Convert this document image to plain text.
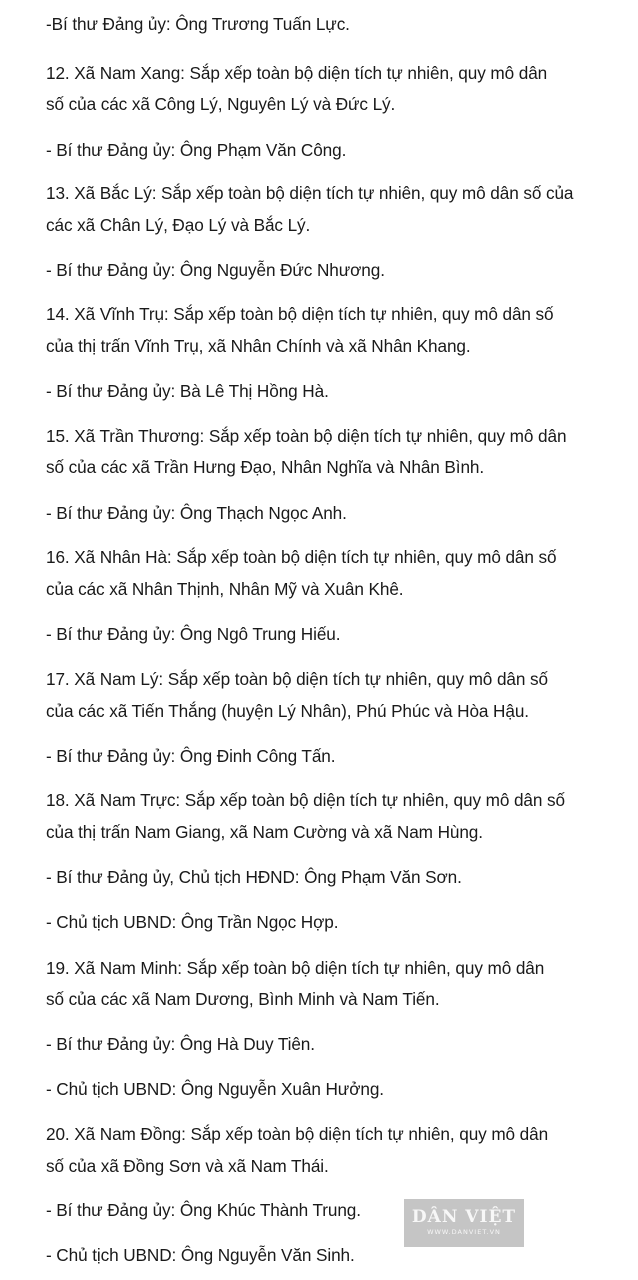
-Bí thư Đảng ủy: Ông Trương Tuấn Lực.
12. Xã Nam Xang: Sắp xếp toàn bộ diện tích tự nhiên, quy mô dân
số của các xã Công Lý, Nguyên Lý và Đức Lý.
- Bí thư Đảng ủy: Ông Phạm Văn Công.
13. Xã Bắc Lý: Sắp xếp toàn bộ diện tích tự nhiên, quy mô dân số của
các xã Chân Lý, Đạo Lý và Bắc Lý.
- Bí thư Đảng ủy: Ông Nguyễn Đức Nhương.
14. Xã Vĩnh Trụ: Sắp xếp toàn bộ diện tích tự nhiên, quy mô dân số
của thị trấn Vĩnh Trụ, xã Nhân Chính và xã Nhân Khang.
- Bí thư Đảng ủy: Bà Lê Thị Hồng Hà.
15. Xã Trần Thương: Sắp xếp toàn bộ diện tích tự nhiên, quy mô dân
số của các xã Trần Hưng Đạo, Nhân Nghĩa và Nhân Bình.
- Bí thư Đảng ủy: Ông Thạch Ngọc Anh.
16. Xã Nhân Hà: Sắp xếp toàn bộ diện tích tự nhiên, quy mô dân số
của các xã Nhân Thịnh, Nhân Mỹ và Xuân Khê.
- Bí thư Đảng ủy: Ông Ngô Trung Hiếu.
17. Xã Nam Lý: Sắp xếp toàn bộ diện tích tự nhiên, quy mô dân số
của các xã Tiến Thắng (huyện Lý Nhân), Phú Phúc và Hòa Hậu.
- Bí thư Đảng ủy: Ông Đinh Công Tấn.
18. Xã Nam Trực: Sắp xếp toàn bộ diện tích tự nhiên, quy mô dân số
của thị trấn Nam Giang, xã Nam Cường và xã Nam Hùng.
- Bí thư Đảng ủy, Chủ tịch HĐND: Ông Phạm Văn Sơn.
- Chủ tịch UBND: Ông Trần Ngọc Hợp.
19. Xã Nam Minh: Sắp xếp toàn bộ diện tích tự nhiên, quy mô dân
số của các xã Nam Dương, Bình Minh và Nam Tiến.
- Bí thư Đảng ủy: Ông Hà Duy Tiên.
- Chủ tịch UBND: Ông Nguyễn Xuân Hưởng.
20. Xã Nam Đồng: Sắp xếp toàn bộ diện tích tự nhiên, quy mô dân
số của xã Đồng Sơn và xã Nam Thái.
- Bí thư Đảng ủy: Ông Khúc Thành Trung.
- Chủ tịch UBND: Ông Nguyễn Văn Sinh.
DÂN VIỆT
WWW.DANVIET.VN
